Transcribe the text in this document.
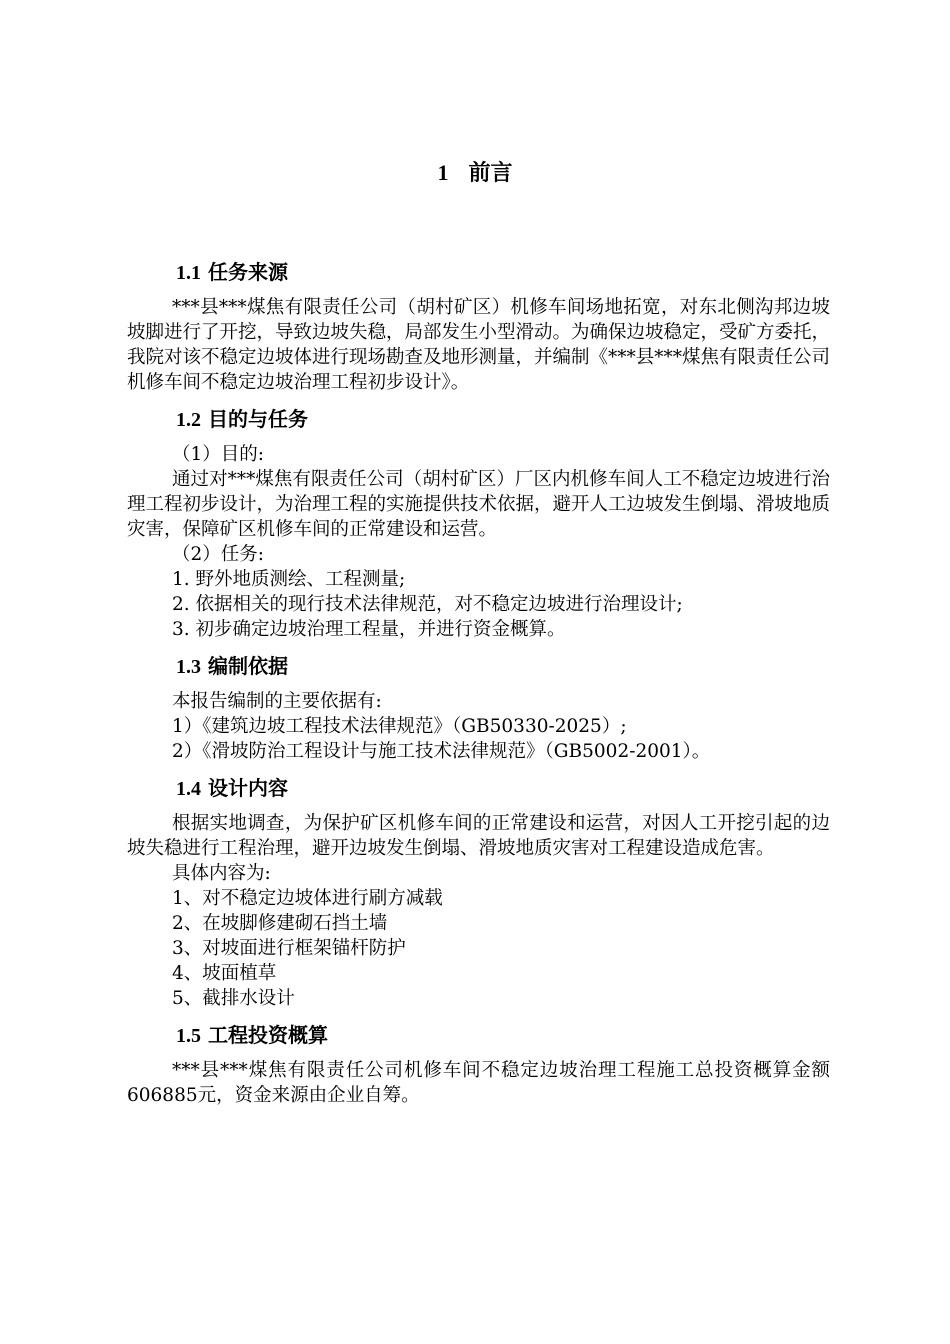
1 前言
1.1 任务来源

***县***煤焦有限责任公司（胡村矿区）机修车间场地拓宽，对东北侧沟邦边坡坡脚进行了开挖，导致边坡失稳，局部发生小型滑动。为确保边坡稳定，受矿方委托，我院对该不稳定边坡体进行现场勘查及地形测量，并编制《***县***煤焦有限责任公司机修车间不稳定边坡治理工程初步设计》。

1.2 目的与任务

（1）目的:

通过对***煤焦有限责任公司（胡村矿区）厂区内机修车间人工不稳定边坡进行治理工程初步设计，为治理工程的实施提供技术依据，避开人工边坡发生倒塌、滑坡地质灾害，保障矿区机修车间的正常建设和运营。

（2）任务:

1. 野外地质测绘、工程测量;

2. 依据相关的现行技术法律规范，对不稳定边坡进行治理设计;

3. 初步确定边坡治理工程量，并进行资金概算。

1.3 编制依据

本报告编制的主要依据有:

1）《建筑边坡工程技术法律规范》（GB50330-2025）;

2）《滑坡防治工程设计与施工技术法律规范》（GB5002-2001）。

1.4 设计内容

根据实地调查，为保护矿区机修车间的正常建设和运营，对因人工开挖引起的边坡失稳进行工程治理，避开边坡发生倒塌、滑坡地质灾害对工程建设造成危害。

具体内容为:

1、对不稳定边坡体进行刷方减载

2、在坡脚修建砌石挡土墙

3、对坡面进行框架锚杆防护

4、坡面植草

5、截排水设计

1.5 工程投资概算

***县***煤焦有限责任公司机修车间不稳定边坡治理工程施工总投资概算金额606885元，资金来源由企业自筹。
